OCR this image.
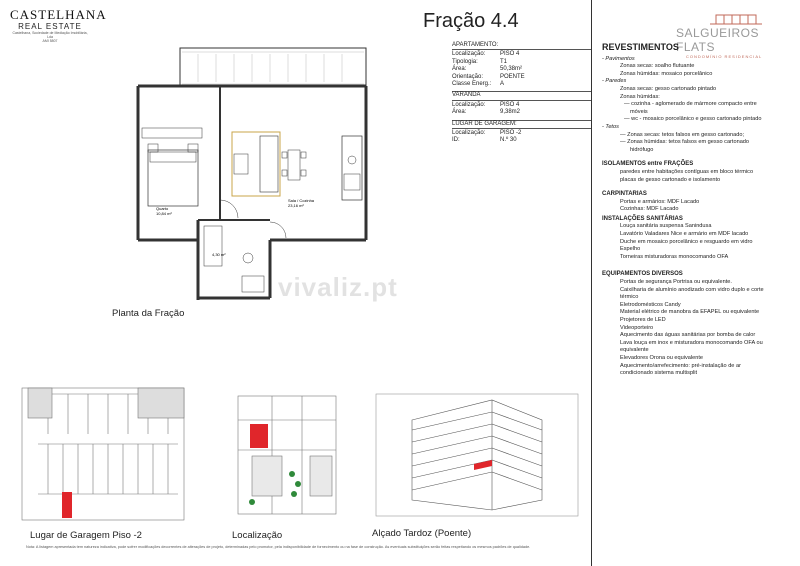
CASTELHANA
REAL ESTATE
Castelhana, Sociedade de Mediação Imobiliária, Lda
AMI 5807
Quarto
10,84 m²
Sala / Cozinha
23,16 m²
4,30 m²
Planta da Fração
vivaliz.pt
Lugar de Garagem Piso -2	Localização	Alçado Tardoz (Poente)
Fração 4.4
APARTAMENTO:
Localização:	PISO 4
Tipologia:	T1
Área:	50,38m²
Orientação:	POENTE
Classe Energ.:	A
VARANDA
Localização:	PISO 4
Área:	9,38m2
LUGAR DE GARAGEM:
Localização:	PISO -2
ID:	N.º 30
SALGUEIROS FLATS
CONDOMÍNIO RESIDENCIAL
REVESTIMENTOS
- Pavimentos
Zonas secas: soalho flutuante
Zonas húmidas: mosaico porcelânico
- Paredes
Zonas secas: gesso cartonado pintado
Zonas húmidas:
— cozinha - aglomerado de mármore compacto entre
móveis
— wc - mosaico porcelânico e gesso cartonado pintado
- Tetos
— Zonas secas: tetos falsos em gesso cartonado;
— Zonas húmidas: tetos falsos em gesso cartonado
hidrófugo
ISOLAMENTOS entre FRAÇÕES
paredes entre habitações contíguas em bloco térmico
placas de gesso cartonado e isolamento
CARPINTARIAS
Portas e armários: MDF Lacado
Cozinhas: MDF Lacado
INSTALAÇÕES SANITÁRIAS
Louça sanitária suspensa Sanindusa
Lavatório Valadares Nice e armário em MDF lacado
Duche em mosaico porcelânico e resguardo em vidro
Espelho
Torneiras misturadoras monocomando OFA
EQUIPAMENTOS DIVERSOS
Portas de segurança Portrisa ou equivalente.
Caixilharia de alumínio anodizado com vidro duplo e corte
térmico
Eletrodomésticos Candy
Material elétrico de manobra da EFAPEL ou equivalente
Projetores de LED
Videoporteiro
Aquecimento das águas sanitárias por bomba de calor
Lava louça em inox e misturadora monocomando OFA ou
equivalente
Elevadores Orona ou equivalente
Aquecimento/arrefecimento: pré-instalação de ar
condicionado sistema multisplit
Nota: A listagem apresentada tem natureza indicativa, pode sofrer modificações decorrentes de alterações de projeto, determinadas pelo promotor, pela indisponibilidade de fornecimento ou na fase de construção. As eventuais substituições serão feitas respeitando os mesmos padrões de qualidade.
